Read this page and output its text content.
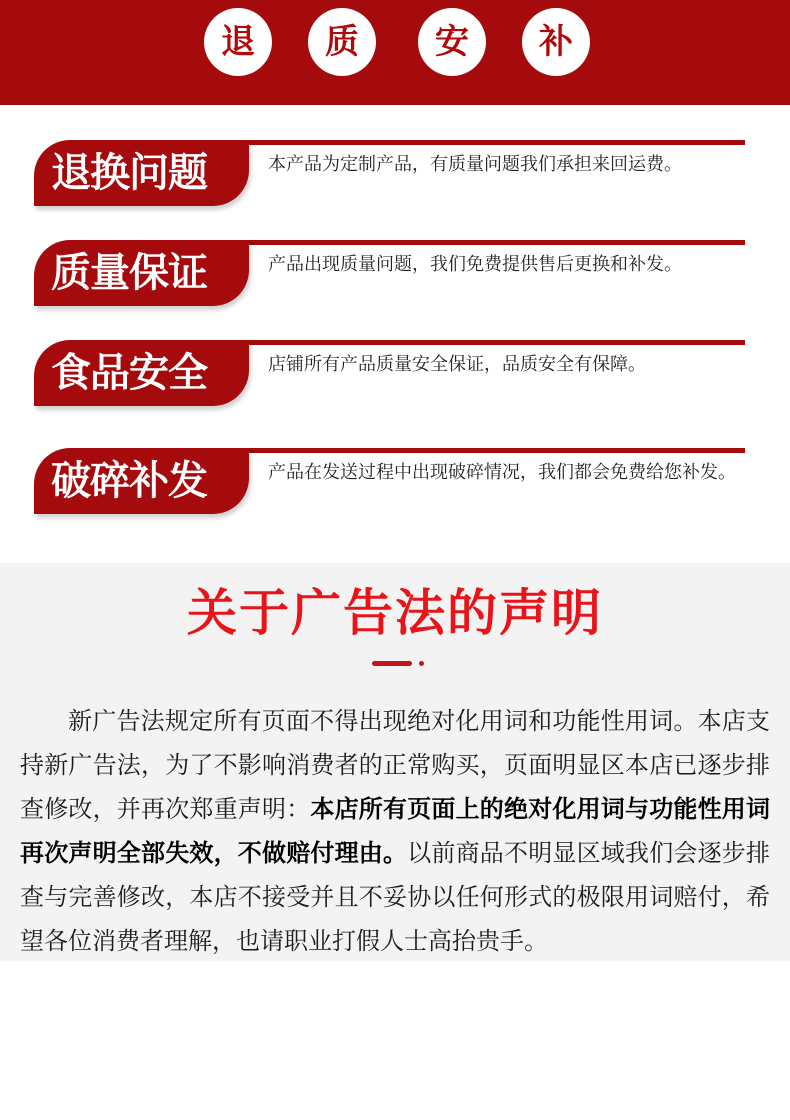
退	质	安	补
退换问题	本产品为定制产品，有质量问题我们承担来回运费。
质量保证	产品出现质量问题，我们免费提供售后更换和补发。
食品安全	店铺所有产品质量安全保证，品质安全有保障。
破碎补发	产品在发送过程中出现破碎情况，我们都会免费给您补发。
关于广告法的声明

新广告法规定所有页面不得出现绝对化用词和功能性用词。本店支持新广告法，为了不影响消费者的正常购买，页面明显区本店已逐步排查修改，并再次郑重声明：本店所有页面上的绝对化用词与功能性用词再次声明全部失效，不做赔付理由。以前商品不明显区域我们会逐步排查与完善修改，本店不接受并且不妥协以任何形式的极限用词赔付，希望各位消费者理解，也请职业打假人士高抬贵手。
